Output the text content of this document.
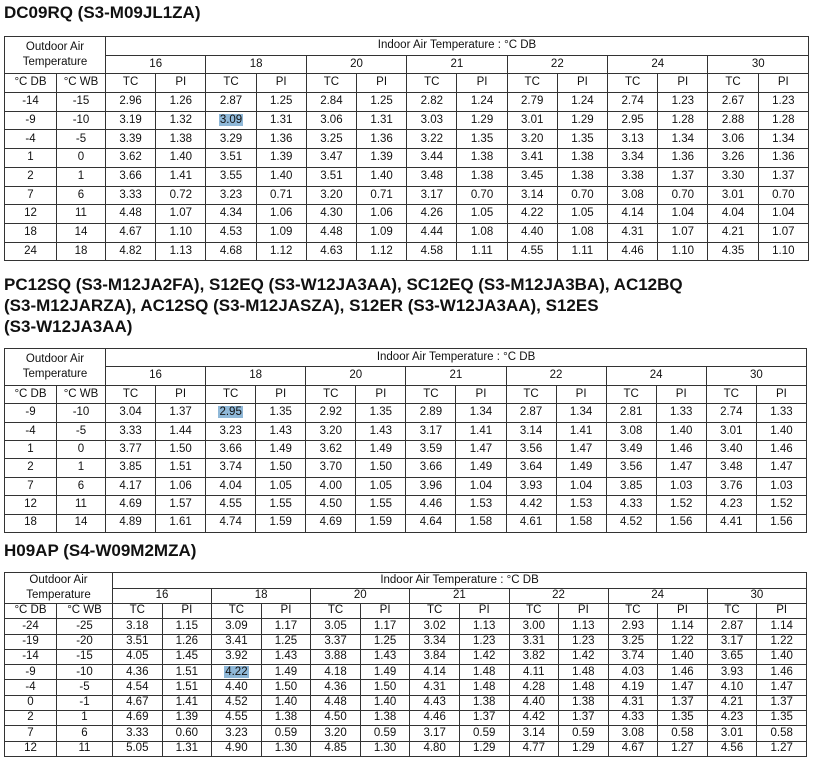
DC09RQ (S3-M09JL1ZA)
Outdoor Air Temperature		Indoor Air Temperature : °C DB													
		16		18		20		21		22		24		30	
°C DB	°C WB	TC	PI	TC	PI	TC	PI	TC	PI	TC	PI	TC	PI	TC	PI
-14	-15	2.96	1.26	2.87	1.25	2.84	1.25	2.82	1.24	2.79	1.24	2.74	1.23	2.67	1.23
-9	-10	3.19	1.32	3.09	1.31	3.06	1.31	3.03	1.29	3.01	1.29	2.95	1.28	2.88	1.28
-4	-5	3.39	1.38	3.29	1.36	3.25	1.36	3.22	1.35	3.20	1.35	3.13	1.34	3.06	1.34
1	0	3.62	1.40	3.51	1.39	3.47	1.39	3.44	1.38	3.41	1.38	3.34	1.36	3.26	1.36
2	1	3.66	1.41	3.55	1.40	3.51	1.40	3.48	1.38	3.45	1.38	3.38	1.37	3.30	1.37
7	6	3.33	0.72	3.23	0.71	3.20	0.71	3.17	0.70	3.14	0.70	3.08	0.70	3.01	0.70
12	11	4.48	1.07	4.34	1.06	4.30	1.06	4.26	1.05	4.22	1.05	4.14	1.04	4.04	1.04
18	14	4.67	1.10	4.53	1.09	4.48	1.09	4.44	1.08	4.40	1.08	4.31	1.07	4.21	1.07
24	18	4.82	1.13	4.68	1.12	4.63	1.12	4.58	1.11	4.55	1.11	4.46	1.10	4.35	1.10
PC12SQ (S3-M12JA2FA), S12EQ (S3-W12JA3AA), SC12EQ (S3-M12JA3BA), AC12BQ
(S3-M12JARZA), AC12SQ (S3-M12JASZA), S12ER (S3-W12JA3AA), S12ES
(S3-W12JA3AA)
Outdoor Air Temperature		Indoor Air Temperature : °C DB													
		16		18		20		21		22		24		30	
°C DB	°C WB	TC	PI	TC	PI	TC	PI	TC	PI	TC	PI	TC	PI	TC	PI
-9	-10	3.04	1.37	2.95	1.35	2.92	1.35	2.89	1.34	2.87	1.34	2.81	1.33	2.74	1.33
-4	-5	3.33	1.44	3.23	1.43	3.20	1.43	3.17	1.41	3.14	1.41	3.08	1.40	3.01	1.40
1	0	3.77	1.50	3.66	1.49	3.62	1.49	3.59	1.47	3.56	1.47	3.49	1.46	3.40	1.46
2	1	3.85	1.51	3.74	1.50	3.70	1.50	3.66	1.49	3.64	1.49	3.56	1.47	3.48	1.47
7	6	4.17	1.06	4.04	1.05	4.00	1.05	3.96	1.04	3.93	1.04	3.85	1.03	3.76	1.03
12	11	4.69	1.57	4.55	1.55	4.50	1.55	4.46	1.53	4.42	1.53	4.33	1.52	4.23	1.52
18	14	4.89	1.61	4.74	1.59	4.69	1.59	4.64	1.58	4.61	1.58	4.52	1.56	4.41	1.56
H09AP (S4-W09M2MZA)
Outdoor Air Temperature		Indoor Air Temperature : °C DB													
		16		18		20		21		22		24		30	
°C DB	°C WB	TC	PI	TC	PI	TC	PI	TC	PI	TC	PI	TC	PI	TC	PI
-24	-25	3.18	1.15	3.09	1.17	3.05	1.17	3.02	1.13	3.00	1.13	2.93	1.14	2.87	1.14
-19	-20	3.51	1.26	3.41	1.25	3.37	1.25	3.34	1.23	3.31	1.23	3.25	1.22	3.17	1.22
-14	-15	4.05	1.45	3.92	1.43	3.88	1.43	3.84	1.42	3.82	1.42	3.74	1.40	3.65	1.40
-9	-10	4.36	1.51	4.22	1.49	4.18	1.49	4.14	1.48	4.11	1.48	4.03	1.46	3.93	1.46
-4	-5	4.54	1.51	4.40	1.50	4.36	1.50	4.31	1.48	4.28	1.48	4.19	1.47	4.10	1.47
0	-1	4.67	1.41	4.52	1.40	4.48	1.40	4.43	1.38	4.40	1.38	4.31	1.37	4.21	1.37
2	1	4.69	1.39	4.55	1.38	4.50	1.38	4.46	1.37	4.42	1.37	4.33	1.35	4.23	1.35
7	6	3.33	0.60	3.23	0.59	3.20	0.59	3.17	0.59	3.14	0.59	3.08	0.58	3.01	0.58
12	11	5.05	1.31	4.90	1.30	4.85	1.30	4.80	1.29	4.77	1.29	4.67	1.27	4.56	1.27
